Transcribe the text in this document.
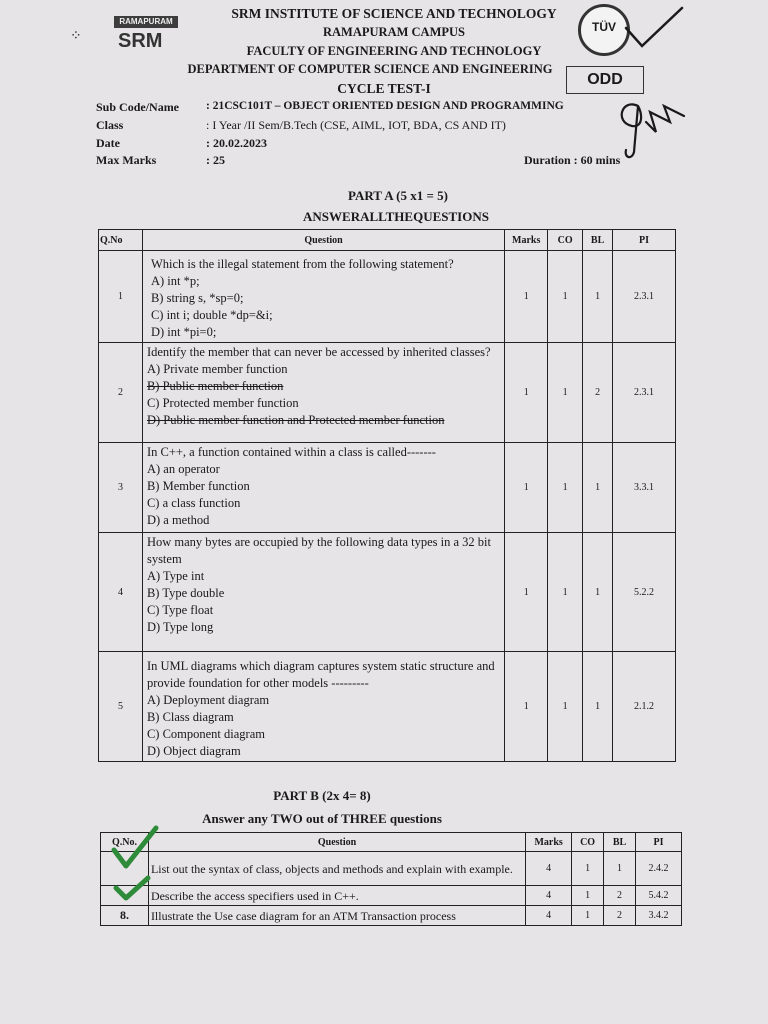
RAMAPURAM
SRM
⁘
TÜV
SRM INSTITUTE OF SCIENCE AND TECHNOLOGY
RAMAPURAM CAMPUS
FACULTY OF ENGINEERING AND TECHNOLOGY
DEPARTMENT OF COMPUTER SCIENCE AND ENGINEERING
CYCLE TEST-I
ODD
Sub Code/Name : 21CSC101T – OBJECT ORIENTED DESIGN AND PROGRAMMING
Class	: I Year /II Sem/B.Tech (CSE, AIML, IOT, BDA, CS AND IT)
Date	: 20.02.2023
Max Marks	: 25	Duration : 60 mins
PART A (5 x1 = 5)
ANSWERALLTHEQUESTIONS
Q.No	Question	Marks	CO	BL	PI
1	Which is the illegal statement from the following statement?
A) int *p;
B) string s, *sp=0;
C) int i; double *dp=&i;
D) int *pi=0;	1	1	1	2.3.1
2	Identify the member that can never be accessed by inherited classes?
A) Private member function
B) Public member function
C) Protected member function
D) Public member function and Protected member function	1	1	2	2.3.1
3	In C++, a function contained within a class is called-------
A) an operator
B) Member function
C) a class function
D) a method	1	1	1	3.3.1
4	How many bytes are occupied by the following data types in a 32 bit system
A) Type int
B) Type double
C) Type float
D) Type long	1	1	1	5.2.2
5	In UML diagrams which diagram captures system static structure and provide foundation for other models ---------
A) Deployment diagram
B) Class diagram
C) Component diagram
D) Object diagram	1	1	1	2.1.2
PART B (2x 4= 8)
Answer any TWO out of THREE questions
Q.No.	Question	Marks	CO	BL	PI
	List out the syntax of class, objects and methods and explain with example.	4	1	1	2.4.2
	Describe the access specifiers used in C++.	4	1	2	5.4.2
8.	Illustrate the Use case diagram for an ATM Transaction process	4	1	2	3.4.2
